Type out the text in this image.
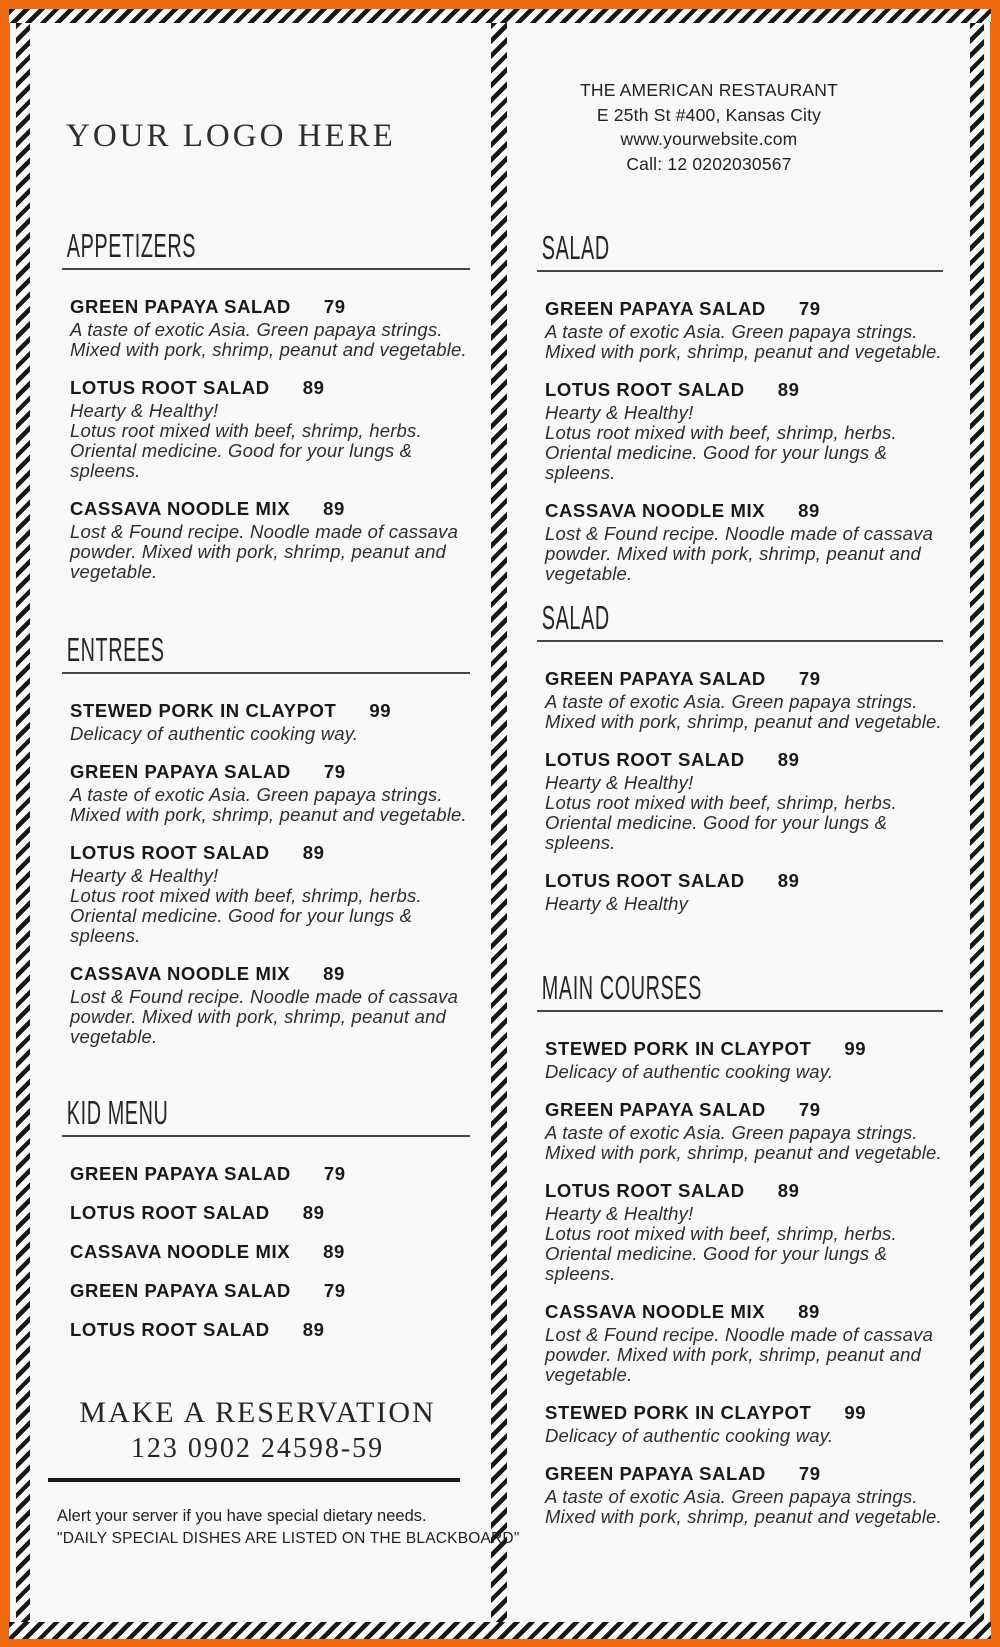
YOUR LOGO HERE
THE AMERICAN RESTAURANT
E 25th St #400, Kansas City
www.yourwebsite.com
Call: 12 0202030567
APPETIZERS
GREEN PAPAYA SALAD 79
A taste of exotic Asia. Green papaya strings.
Mixed with pork, shrimp, peanut and vegetable.
LOTUS ROOT SALAD 89
Hearty & Healthy!
Lotus root mixed with beef, shrimp, herbs.
Oriental medicine. Good for your lungs &
spleens.
CASSAVA NOODLE MIX 89
Lost & Found recipe. Noodle made of cassava
powder. Mixed with pork, shrimp, peanut and
vegetable.
ENTREES
STEWED PORK IN CLAYPOT 99
Delicacy of authentic cooking way.
GREEN PAPAYA SALAD 79
A taste of exotic Asia. Green papaya strings.
Mixed with pork, shrimp, peanut and vegetable.
LOTUS ROOT SALAD 89
Hearty & Healthy!
Lotus root mixed with beef, shrimp, herbs.
Oriental medicine. Good for your lungs &
spleens.
CASSAVA NOODLE MIX 89
Lost & Found recipe. Noodle made of cassava
powder. Mixed with pork, shrimp, peanut and
vegetable.
KID MENU
GREEN PAPAYA SALAD 79
LOTUS ROOT SALAD 89
CASSAVA NOODLE MIX 89
GREEN PAPAYA SALAD 79
LOTUS ROOT SALAD 89
SALAD
GREEN PAPAYA SALAD 79
A taste of exotic Asia. Green papaya strings.
Mixed with pork, shrimp, peanut and vegetable.
LOTUS ROOT SALAD 89
Hearty & Healthy!
Lotus root mixed with beef, shrimp, herbs.
Oriental medicine. Good for your lungs &
spleens.
CASSAVA NOODLE MIX 89
Lost & Found recipe. Noodle made of cassava
powder. Mixed with pork, shrimp, peanut and
vegetable.
SALAD
GREEN PAPAYA SALAD 79
A taste of exotic Asia. Green papaya strings.
Mixed with pork, shrimp, peanut and vegetable.
LOTUS ROOT SALAD 89
Hearty & Healthy!
Lotus root mixed with beef, shrimp, herbs.
Oriental medicine. Good for your lungs &
spleens.
LOTUS ROOT SALAD 89
Hearty & Healthy
MAIN COURSES
STEWED PORK IN CLAYPOT 99
Delicacy of authentic cooking way.
GREEN PAPAYA SALAD 79
A taste of exotic Asia. Green papaya strings.
Mixed with pork, shrimp, peanut and vegetable.
LOTUS ROOT SALAD 89
Hearty & Healthy!
Lotus root mixed with beef, shrimp, herbs.
Oriental medicine. Good for your lungs &
spleens.
CASSAVA NOODLE MIX 89
Lost & Found recipe. Noodle made of cassava
powder. Mixed with pork, shrimp, peanut and
vegetable.
STEWED PORK IN CLAYPOT 99
Delicacy of authentic cooking way.
GREEN PAPAYA SALAD 79
A taste of exotic Asia. Green papaya strings.
Mixed with pork, shrimp, peanut and vegetable.
MAKE A RESERVATION
123 0902 24598-59
Alert your server if you have special dietary needs.
"DAILY SPECIAL DISHES ARE LISTED ON THE BLACKBOARD"
